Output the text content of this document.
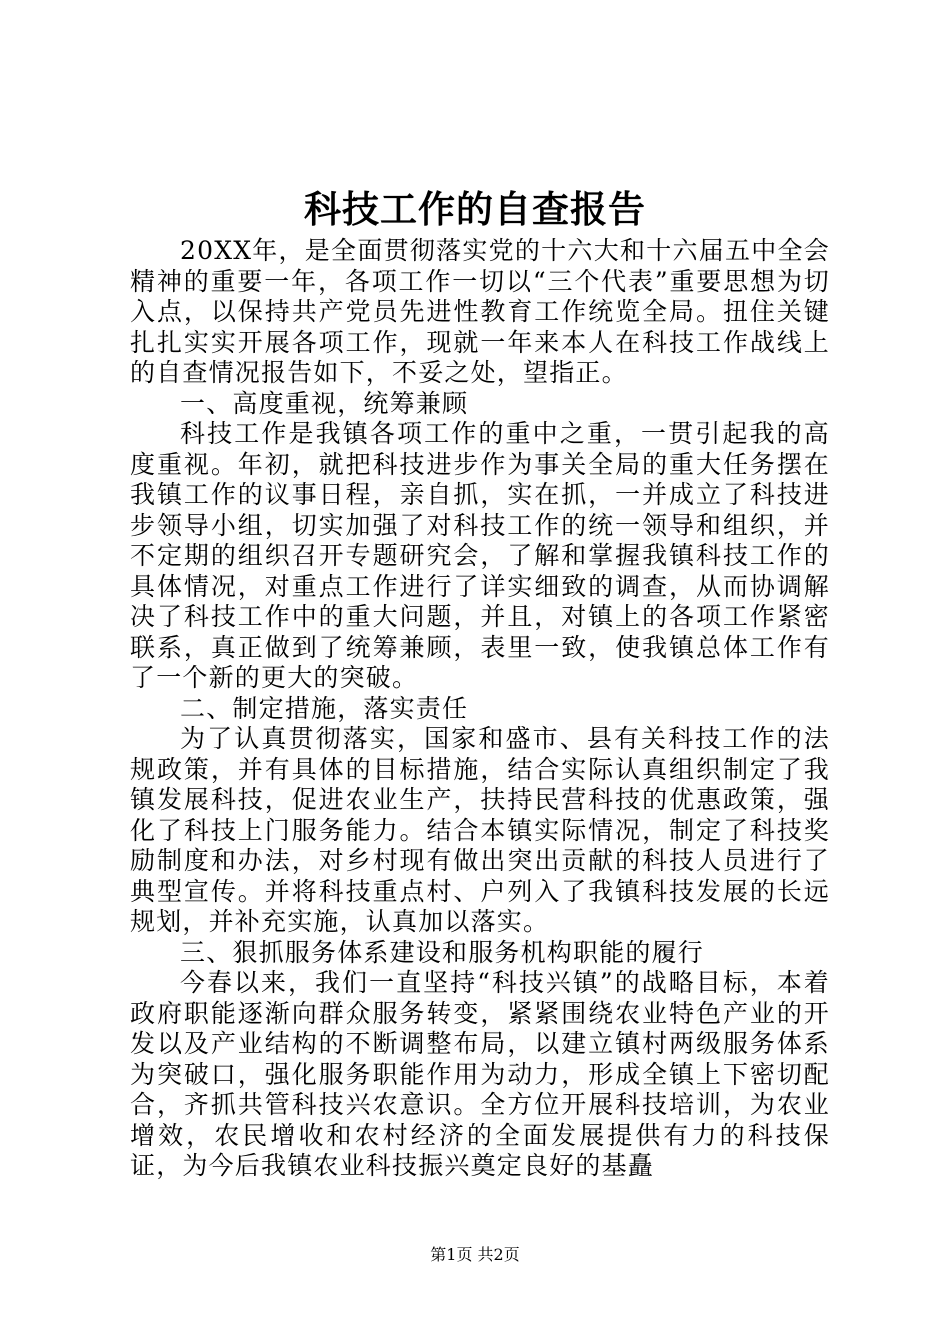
科技工作的自查报告

20XX年，是全面贯彻落实党的十六大和十六届五中全会精神的重要一年，各项工作一切以“三个代表”重要思想为切入点，以保持共产党员先进性教育工作统览全局。扭住关键扎扎实实开展各项工作，现就一年来本人在科技工作战线上的自查情况报告如下，不妥之处，望指正。

一、高度重视，统筹兼顾

科技工作是我镇各项工作的重中之重，一贯引起我的高度重视。年初，就把科技进步作为事关全局的重大任务摆在我镇工作的议事日程，亲自抓，实在抓，一并成立了科技进步领导小组，切实加强了对科技工作的统一领导和组织，并不定期的组织召开专题研究会，了解和掌握我镇科技工作的具体情况，对重点工作进行了详实细致的调查，从而协调解决了科技工作中的重大问题，并且，对镇上的各项工作紧密联系，真正做到了统筹兼顾，表里一致，使我镇总体工作有了一个新的更大的突破。

二、制定措施，落实责任

为了认真贯彻落实，国家和盛市、县有关科技工作的法规政策，并有具体的目标措施，结合实际认真组织制定了我镇发展科技，促进农业生产，扶持民营科技的优惠政策，强化了科技上门服务能力。结合本镇实际情况，制定了科技奖励制度和办法，对乡村现有做出突出贡献的科技人员进行了典型宣传。并将科技重点村、户列入了我镇科技发展的长远规划，并补充实施，认真加以落实。

三、狠抓服务体系建设和服务机构职能的履行

今春以来，我们一直坚持“科技兴镇”的战略目标，本着政府职能逐渐向群众服务转变，紧紧围绕农业特色产业的开发以及产业结构的不断调整布局，以建立镇村两级服务体系为突破口，强化服务职能作用为动力，形成全镇上下密切配合，齐抓共管科技兴农意识。全方位开展科技培训，为农业增效，农民增收和农村经济的全面发展提供有力的科技保证，为今后我镇农业科技振兴奠定良好的基矗

第1页 共2页
